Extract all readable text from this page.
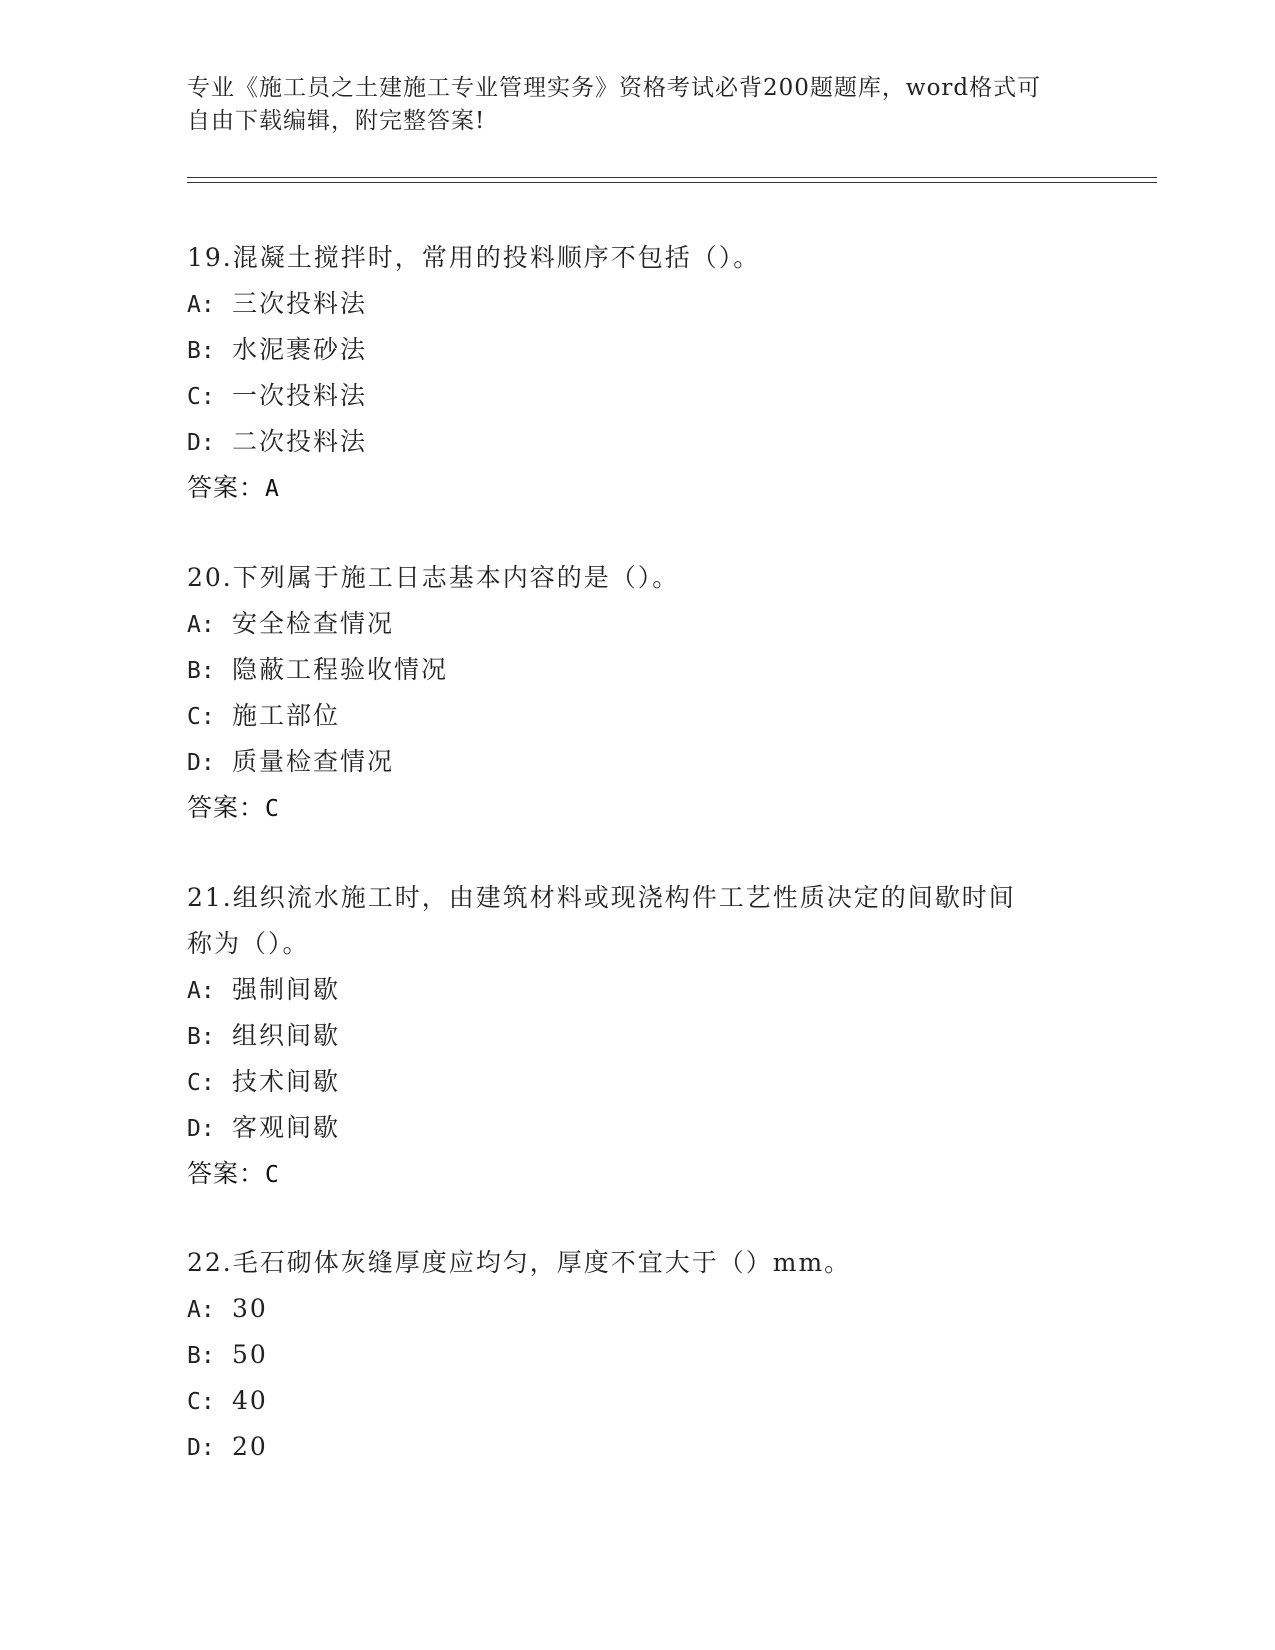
专业《施工员之土建施工专业管理实务》资格考试必背200题题库，word格式可
自由下载编辑，附完整答案!
19.混凝土搅拌时，常用的投料顺序不包括（）。
A: 三次投料法
B: 水泥裹砂法
C: 一次投料法
D: 二次投料法
答案：A
20.下列属于施工日志基本内容的是（）。
A: 安全检查情况
B: 隐蔽工程验收情况
C: 施工部位
D: 质量检查情况
答案：C
21.组织流水施工时，由建筑材料或现浇构件工艺性质决定的间歇时间
称为（）。
A: 强制间歇
B: 组织间歇
C: 技术间歇
D: 客观间歇
答案：C
22.毛石砌体灰缝厚度应均匀，厚度不宜大于（）mm。
A: 30
B: 50
C: 40
D: 20
